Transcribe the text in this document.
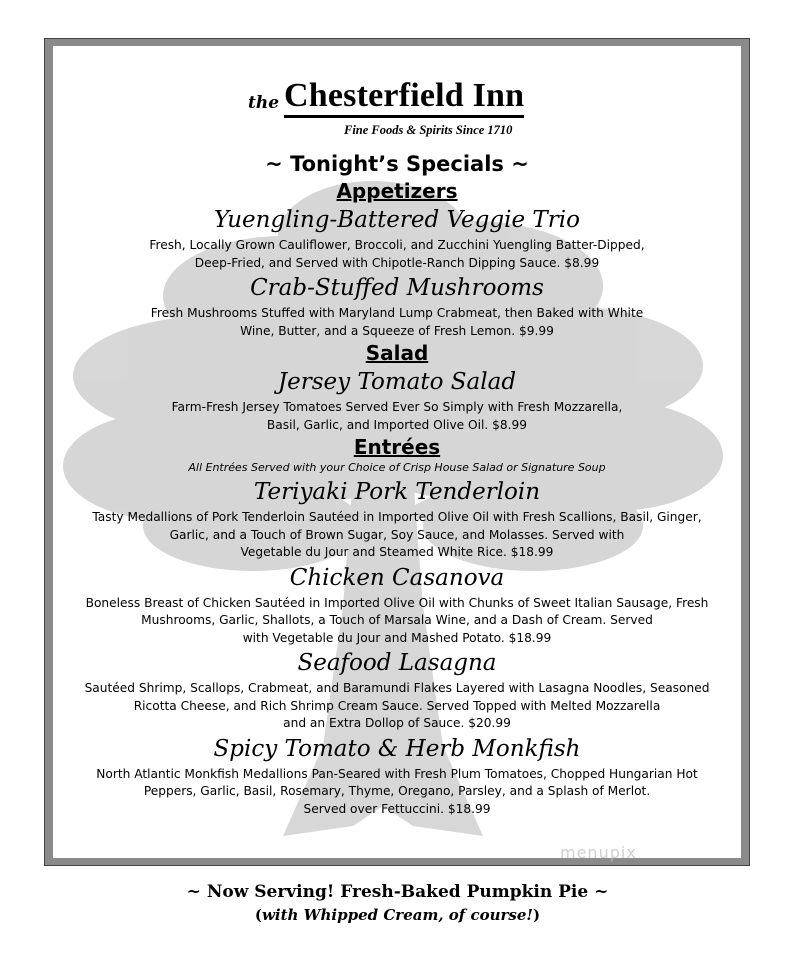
the Chesterfield Inn
Fine Foods & Spirits Since 1710

~ Tonight’s Specials ~

Appetizers

Yuengling-Battered Veggie Trio

Fresh, Locally Grown Cauliflower, Broccoli, and Zucchini Yuengling Batter-Dipped,
Deep-Fried, and Served with Chipotle-Ranch Dipping Sauce. $8.99

Crab-Stuffed Mushrooms

Fresh Mushrooms Stuffed with Maryland Lump Crabmeat, then Baked with White
Wine, Butter, and a Squeeze of Fresh Lemon. $9.99

Salad

Jersey Tomato Salad

Farm-Fresh Jersey Tomatoes Served Ever So Simply with Fresh Mozzarella,
Basil, Garlic, and Imported Olive Oil. $8.99

Entrées

All Entrées Served with your Choice of Crisp House Salad or Signature Soup

Teriyaki Pork Tenderloin

Tasty Medallions of Pork Tenderloin Sautéed in Imported Olive Oil with Fresh Scallions, Basil, Ginger,
Garlic, and a Touch of Brown Sugar, Soy Sauce, and Molasses. Served with
Vegetable du Jour and Steamed White Rice. $18.99

Chicken Casanova

Boneless Breast of Chicken Sautéed in Imported Olive Oil with Chunks of Sweet Italian Sausage, Fresh
Mushrooms, Garlic, Shallots, a Touch of Marsala Wine, and a Dash of Cream. Served
with Vegetable du Jour and Mashed Potato. $18.99

Seafood Lasagna

Sautéed Shrimp, Scallops, Crabmeat, and Baramundi Flakes Layered with Lasagna Noodles, Seasoned
Ricotta Cheese, and Rich Shrimp Cream Sauce. Served Topped with Melted Mozzarella
and an Extra Dollop of Sauce. $20.99

Spicy Tomato & Herb Monkfish

North Atlantic Monkfish Medallions Pan-Seared with Fresh Plum Tomatoes, Chopped Hungarian Hot
Peppers, Garlic, Basil, Rosemary, Thyme, Oregano, Parsley, and a Splash of Merlot.
Served over Fettuccini. $18.99

menupix
~ Now Serving! Fresh-Baked Pumpkin Pie ~
(with Whipped Cream, of course!)
